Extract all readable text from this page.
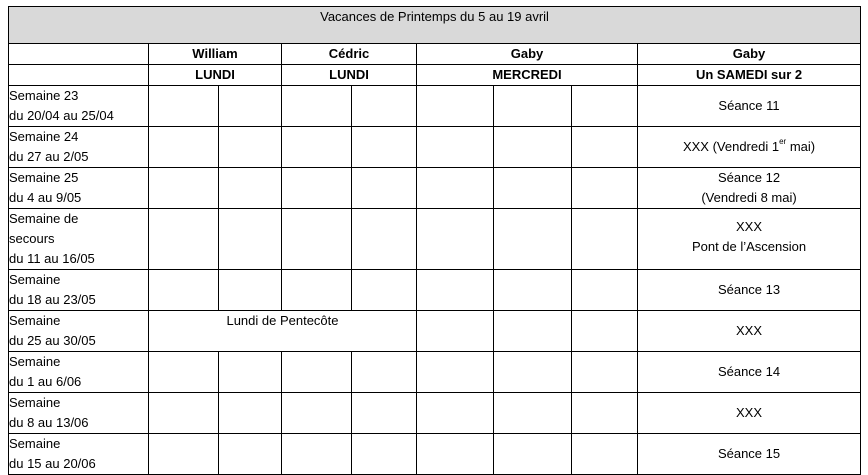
Vacances de Printemps du 5 au 19 avril								
	William		Cédric		Gaby			Gaby
	LUNDI		LUNDI		MERCREDI			Un SAMEDI sur 2

Semaine 23
du 20/04 au 25/04								Séance 11

Semaine 24
du 27 au 2/05								XXX (Vendredi 1er mai)

Semaine 25
du 4 au 9/05								Séance 12
(Vendredi 8 mai)

Semaine de
secours
du 11 au 16/05								XXX
Pont de l’Ascension

Semaine
du 18 au 23/05								Séance 13

Semaine
du 25 au 30/05	Lundi de Pentecôte							XXX

Semaine
du 1 au 6/06								Séance 14

Semaine
du 8 au 13/06								XXX

Semaine
du 15 au 20/06								Séance 15
